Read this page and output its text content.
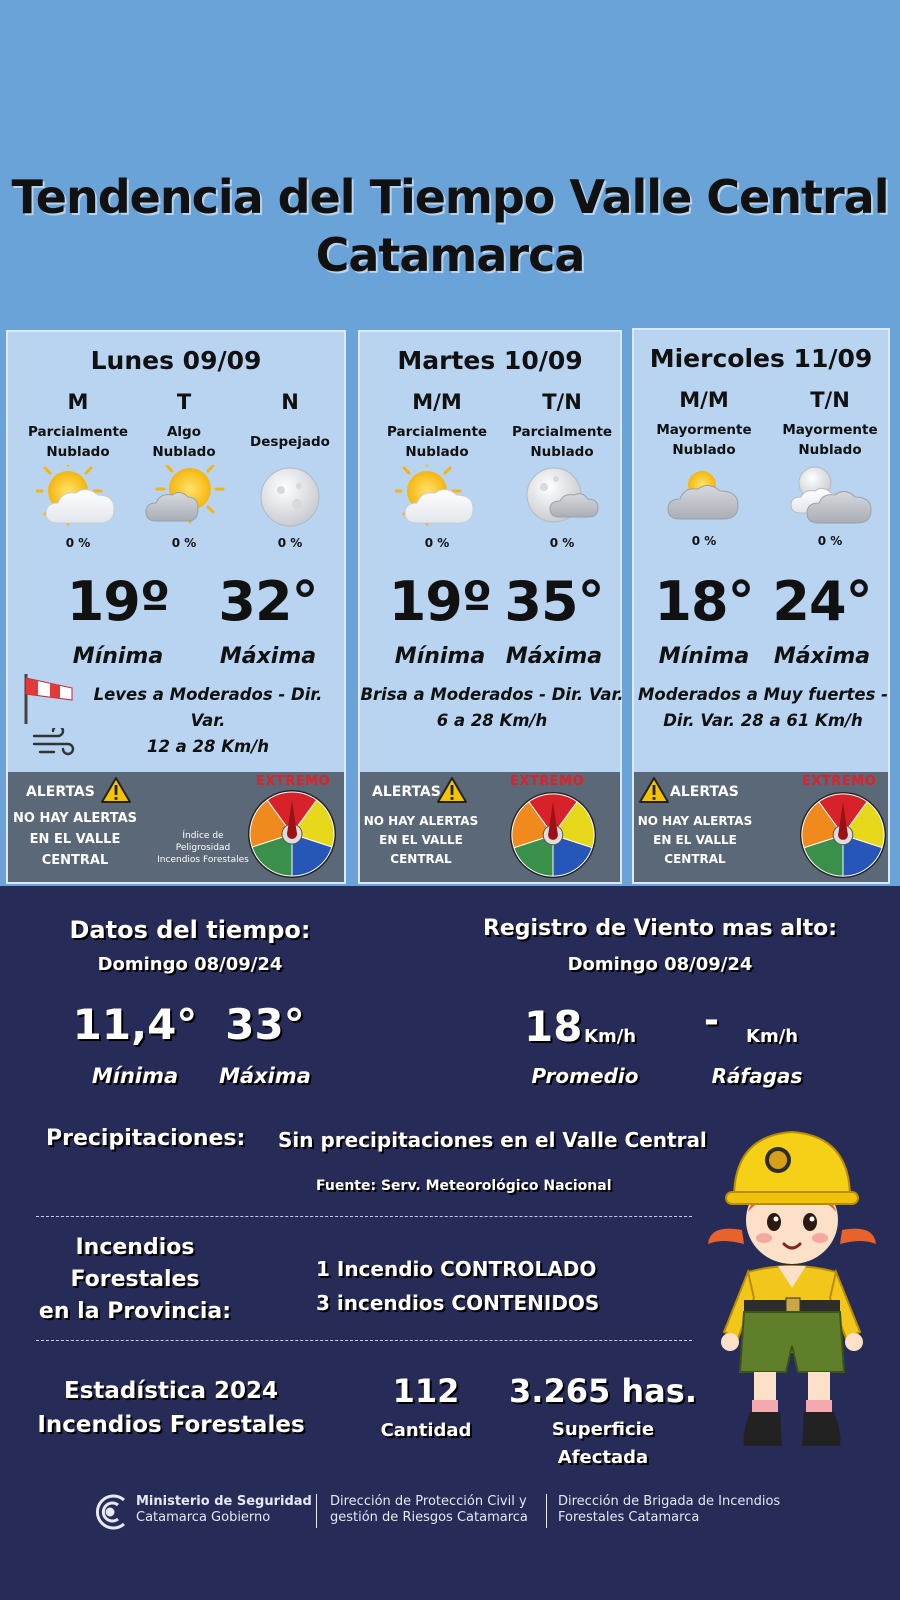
Tendencia del Tiempo Valle Central
Catamarca
Lunes 09/09
M
Parcialmente Nublado
0 %
T
Algo Nublado
0 %
N
Despejado
0 %
19º 32°
Mínima	Máxima
Leves a Moderados - Dir. Var.
12 a 28 Km/h
ALERTAS
NO HAY ALERTAS
EN EL VALLE
CENTRAL
Índice de
Peligrosidad
Incendios Forestales
EXTREMO
Martes 10/09
M/M
Parcialmente Nublado
0 %
T/N
Parcialmente Nublado
0 %
19º 35°
Mínima Máxima
Brisa a Moderados - Dir. Var.
6 a 28 Km/h
ALERTAS
NO HAY ALERTAS
EN EL VALLE
CENTRAL
EXTREMO
Miercoles 11/09
M/M
Mayormente Nublado
0 %
T/N
Mayormente Nublado
0 %
18° 24°
Mínima	Máxima
Moderados a Muy fuertes -
Dir. Var. 28 a 61 Km/h
ALERTAS
NO HAY ALERTAS
EN EL VALLE
CENTRAL
EXTREMO
Datos del tiempo:
Domingo 08/09/24
11,4° 33°
Mínima	Máxima
Registro de Viento mas alto:
Domingo 08/09/24
18 Km/h - Km/h
Promedio	Ráfagas
Precipitaciones: Sin precipitaciones en el Valle Central
Fuente: Serv. Meteorológico Nacional
Incendios
Forestales
en la Provincia:
1 Incendio CONTROLADO
3 incendios CONTENIDOS
Estadística 2024
Incendios Forestales
112
Cantidad
3.265 has.
Superficie
Afectada
Ministerio de Seguridad
Catamarca Gobierno
Dirección de Protección Civil y
gestión de Riesgos Catamarca
Dirección de Brigada de Incendios
Forestales Catamarca
